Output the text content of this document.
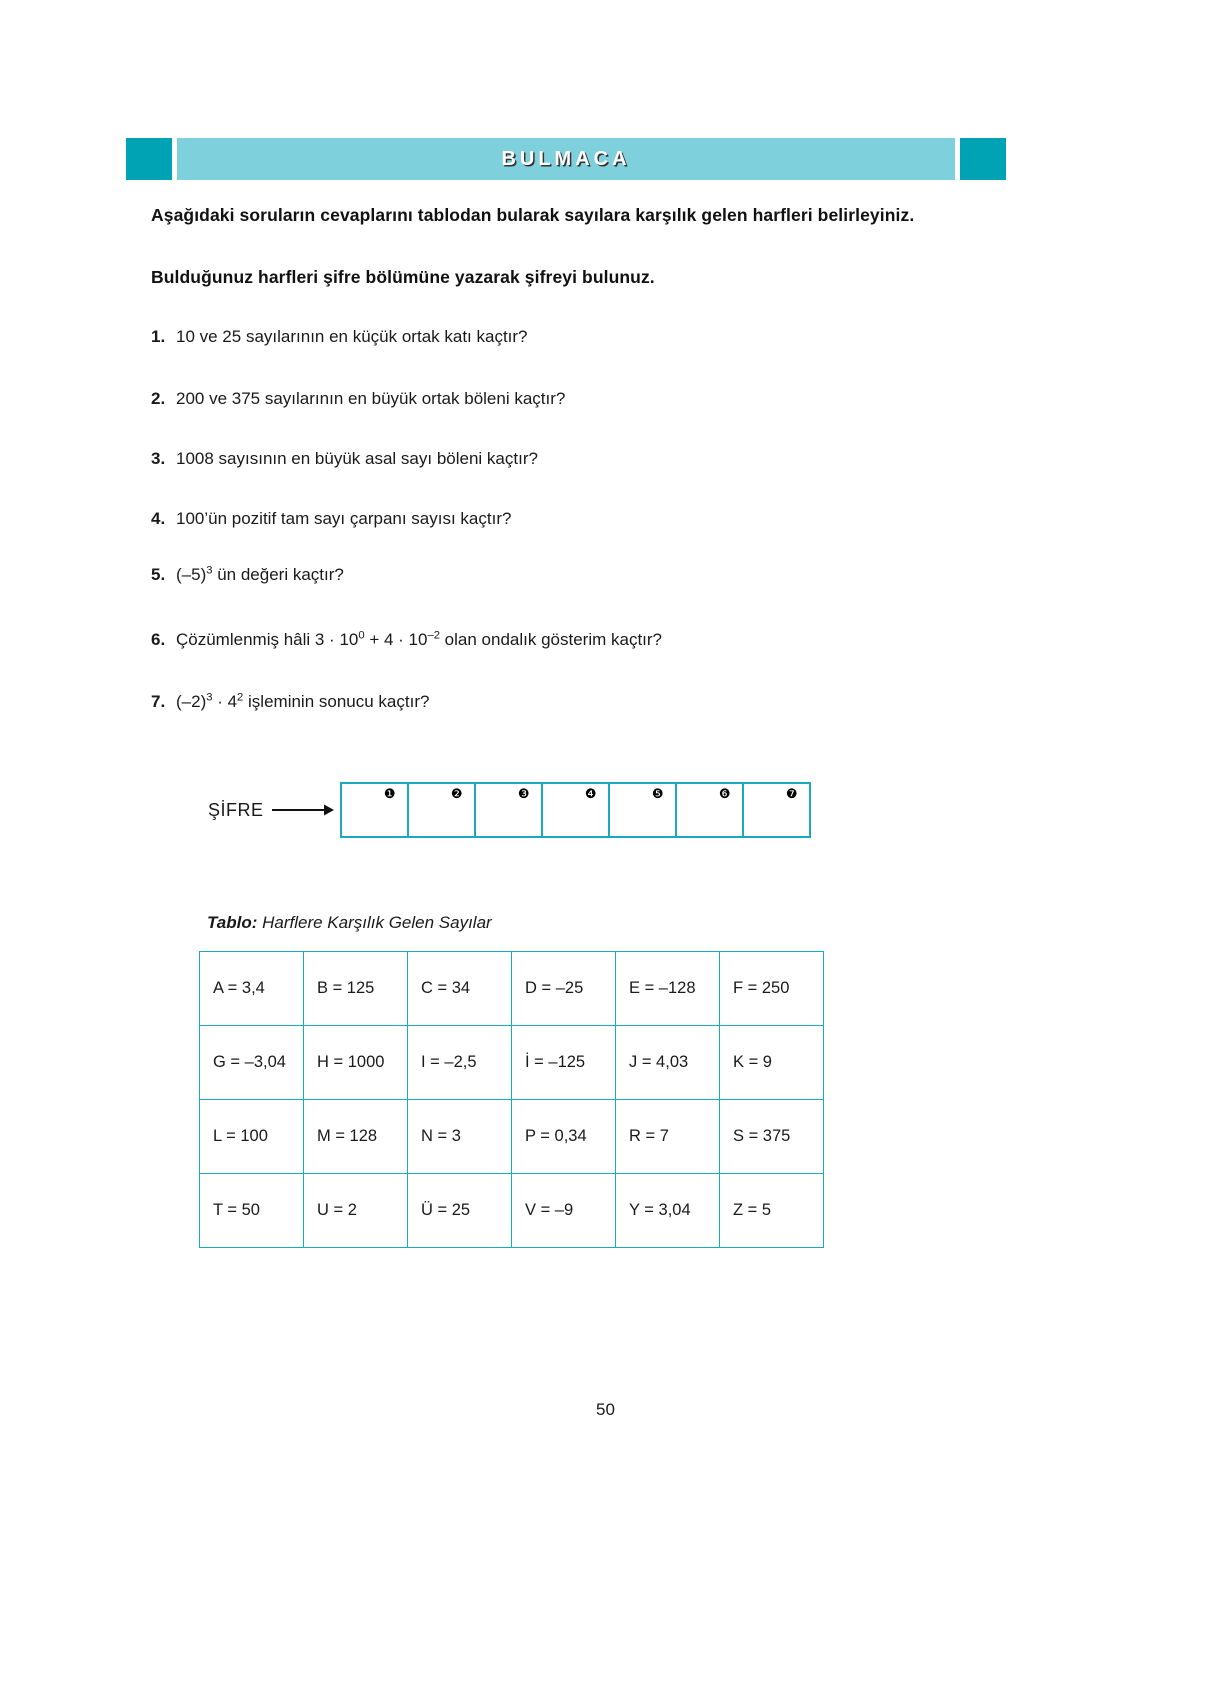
BULMACA
Aşağıdaki soruların cevaplarını tablodan bularak sayılara karşılık gelen harfleri belirleyiniz.
Bulduğunuz harfleri şifre bölümüne yazarak şifreyi bulunuz.
1. 10 ve 25 sayılarının en küçük ortak katı kaçtır?
2. 200 ve 375 sayılarının en büyük ortak böleni kaçtır?
3. 1008 sayısının en büyük asal sayı böleni kaçtır?
4. 100’ün pozitif tam sayı çarpanı sayısı kaçtır?
5. $(-5)^3$ ün değeri kaçtır?
6. Çözümlenmiş hâli $3 \cdot 10^0 + 4 \cdot 10^{-2}$ olan ondalık gösterim kaçtır?
7. $(-2)^3 \cdot 4^2$ işleminin sonucu kaçtır?
ŞİFRE
❶	❷	❸	❹	❺	❻	❼
Tablo: Harflere Karşılık Gelen Sayılar
A = 3,4	B = 125	C = 34	D = –25	E = –128	F = 250
G = –3,04	H = 1000	I = –2,5	İ = –125	J = 4,03	K = 9
L = 100	M = 128	N = 3	P = 0,34	R = 7	S = 375
T = 50	U = 2	Ü = 25	V = –9	Y = 3,04	Z = 5
50
